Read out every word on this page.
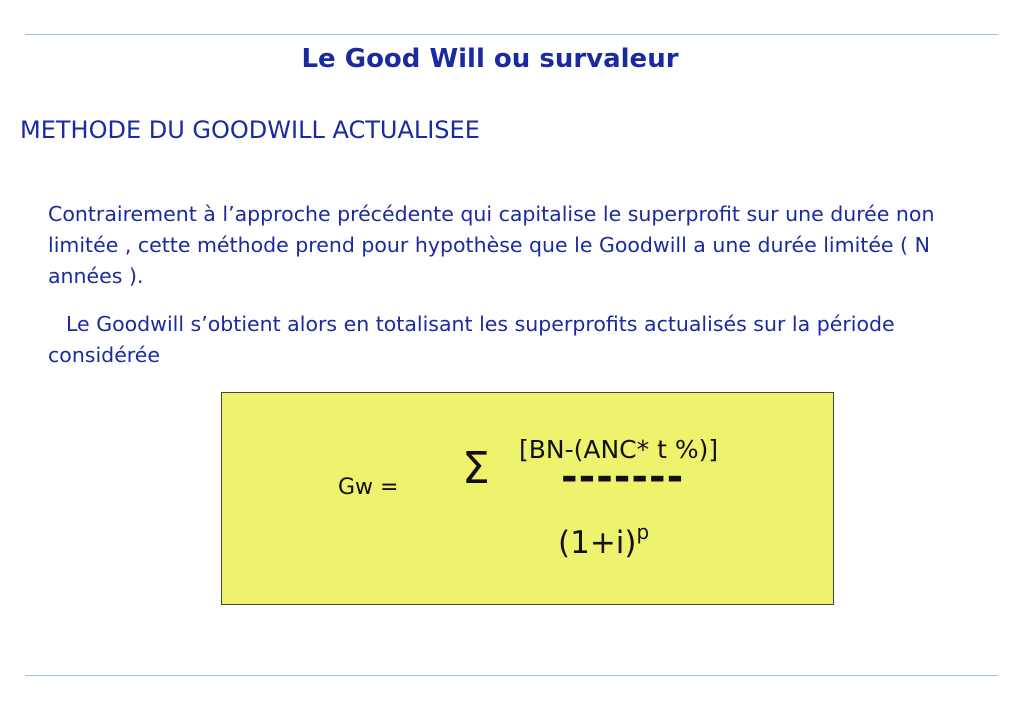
Le Good Will ou survaleur
METHODE DU GOODWILL ACTUALISEE
Contrairement à l’approche précédente qui capitalise le superprofit sur une durée non limitée , cette méthode prend pour hypothèse que le Goodwill a une durée limitée ( N années ).
Le Goodwill s’obtient alors en totalisant les superprofits actualisés sur la période considérée
Gw = Σ [BN-(ANC* t %)]
-------
$(1+i)^p$
